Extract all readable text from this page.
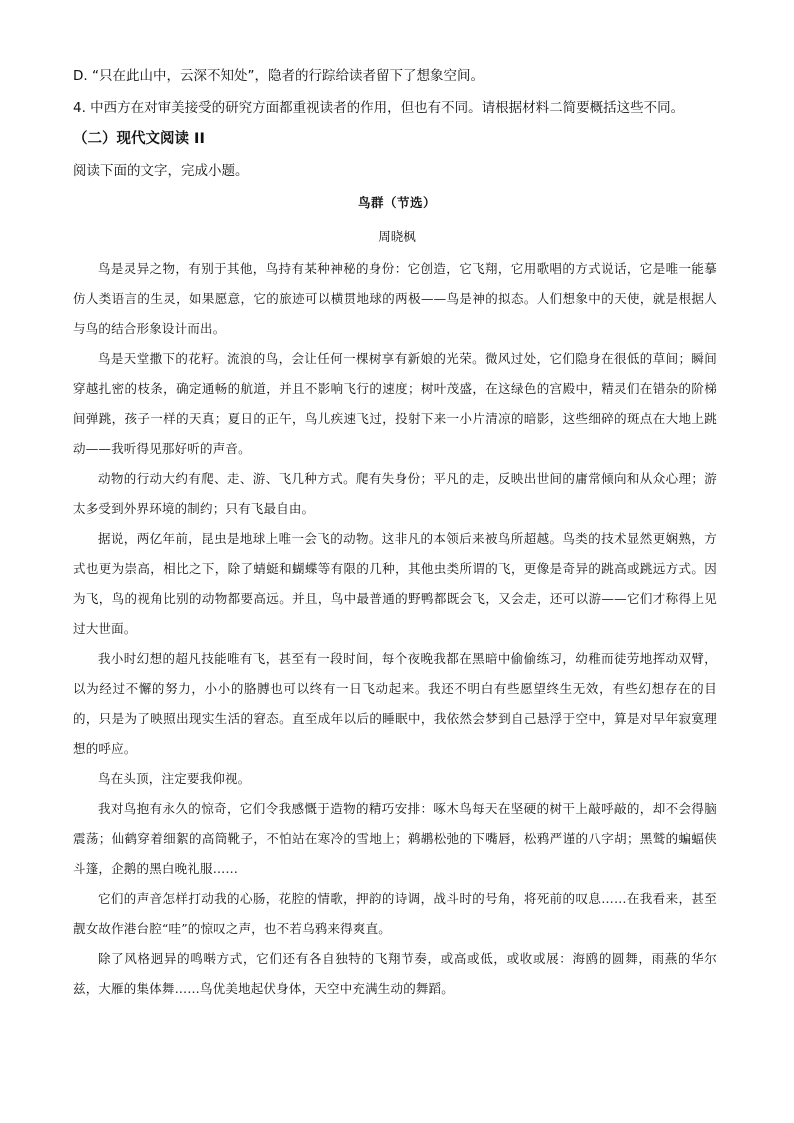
D. “只在此山中，云深不知处”，隐者的行踪给读者留下了想象空间。
4. 中西方在对审美接受的研究方面都重视读者的作用，但也有不同。请根据材料二简要概括这些不同。
（二）现代文阅读 II
阅读下面的文字，完成小题。
鸟群（节选）
周晓枫

鸟是灵异之物，有别于其他，鸟持有某种神秘的身份：它创造，它飞翔，它用歌唱的方式说话，它是唯一能摹仿人类语言的生灵，如果愿意，它的旅迹可以横贯地球的两极——鸟是神的拟态。人们想象中的天使，就是根据人与鸟的结合形象设计而出。

鸟是天堂撒下的花籽。流浪的鸟，会让任何一棵树享有新娘的光荣。微风过处，它们隐身在很低的草间；瞬间穿越扎密的枝条，确定通畅的航道，并且不影响飞行的速度；树叶茂盛，在这绿色的宫殿中，精灵们在错杂的阶梯间弹跳，孩子一样的天真；夏日的正午，鸟儿疾速飞过，投射下来一小片清凉的暗影，这些细碎的斑点在大地上跳动——我听得见那好听的声音。

动物的行动大约有爬、走、游、飞几种方式。爬有失身份；平凡的走，反映出世间的庸常倾向和从众心理；游太多受到外界环境的制约；只有飞最自由。

据说，两亿年前，昆虫是地球上唯一会飞的动物。这非凡的本领后来被鸟所超越。鸟类的技术显然更娴熟，方式也更为崇高，相比之下，除了蜻蜓和蝴蝶等有限的几种，其他虫类所谓的飞，更像是奇异的跳高或跳远方式。因为飞，鸟的视角比别的动物都要高远。并且，鸟中最普通的野鸭都既会飞，又会走，还可以游——它们才称得上见过大世面。

我小时幻想的超凡技能唯有飞，甚至有一段时间，每个夜晚我都在黑暗中偷偷练习，幼稚而徒劳地挥动双臂，以为经过不懈的努力，小小的胳膊也可以终有一日飞动起来。我还不明白有些愿望终生无效，有些幻想存在的目的，只是为了映照出现实生活的窘态。直至成年以后的睡眠中，我依然会梦到自己悬浮于空中，算是对早年寂寞理想的呼应。

鸟在头顶，注定要我仰视。

我对鸟抱有永久的惊奇，它们令我感慨于造物的精巧安排：啄木鸟每天在坚硬的树干上敲呼敲的，却不会得脑震荡；仙鹤穿着细絮的高筒靴子，不怕站在寒冷的雪地上；鹈鹕松弛的下嘴唇，松鸦严谨的八字胡；黑鹫的蝙蝠侠斗篷，企鹅的黑白晚礼服……

它们的声音怎样打动我的心肠，花腔的情歌，押韵的诗调，战斗时的号角，将死前的叹息……在我看来，甚至靓女故作港台腔“哇”的惊叹之声，也不若乌鸦来得爽直。

除了风格迥异的鸣啭方式，它们还有各自独特的飞翔节奏，或高或低，或收或展：海鸥的圆舞，雨燕的华尔兹，大雁的集体舞……鸟优美地起伏身体，天空中充满生动的舞蹈。
